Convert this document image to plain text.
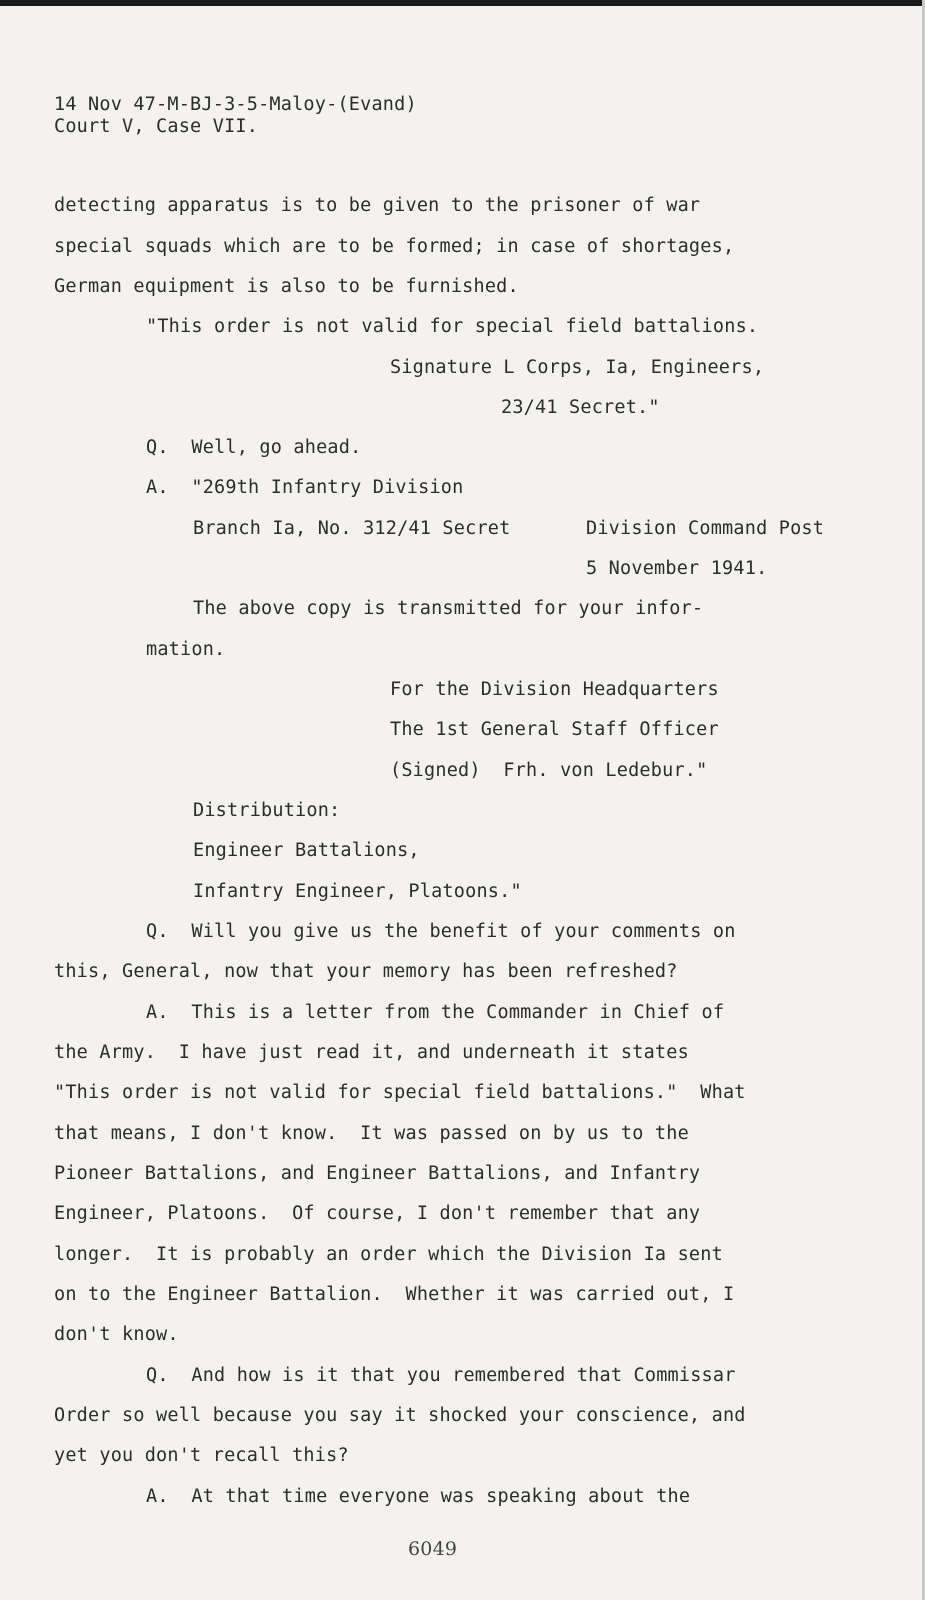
14 Nov 47-M-BJ-3-5-Maloy-(Evand)
Court V, Case VII.
detecting apparatus is to be given to the prisoner of war
special squads which are to be formed; in case of shortages,
German equipment is also to be furnished.
"This order is not valid for special field battalions.
Signature L Corps, Ia, Engineers,
23/41 Secret."
Q.  Well, go ahead.
A.  "269th Infantry Division
Branch Ia, No. 312/41 Secret	Division Command Post
5 November 1941.
The above copy is transmitted for your infor-
mation.
For the Division Headquarters
The 1st General Staff Officer
(Signed)  Frh. von Ledebur."
Distribution:
Engineer Battalions,
Infantry Engineer, Platoons."
Q.  Will you give us the benefit of your comments on
this, General, now that your memory has been refreshed?
A.  This is a letter from the Commander in Chief of
the Army.  I have just read it, and underneath it states
"This order is not valid for special field battalions."  What
that means, I don't know.  It was passed on by us to the
Pioneer Battalions, and Engineer Battalions, and Infantry
Engineer, Platoons.  Of course, I don't remember that any
longer.  It is probably an order which the Division Ia sent
on to the Engineer Battalion.  Whether it was carried out, I
don't know.
Q.  And how is it that you remembered that Commissar
Order so well because you say it shocked your conscience, and
yet you don't recall this?
A.  At that time everyone was speaking about the
6049
